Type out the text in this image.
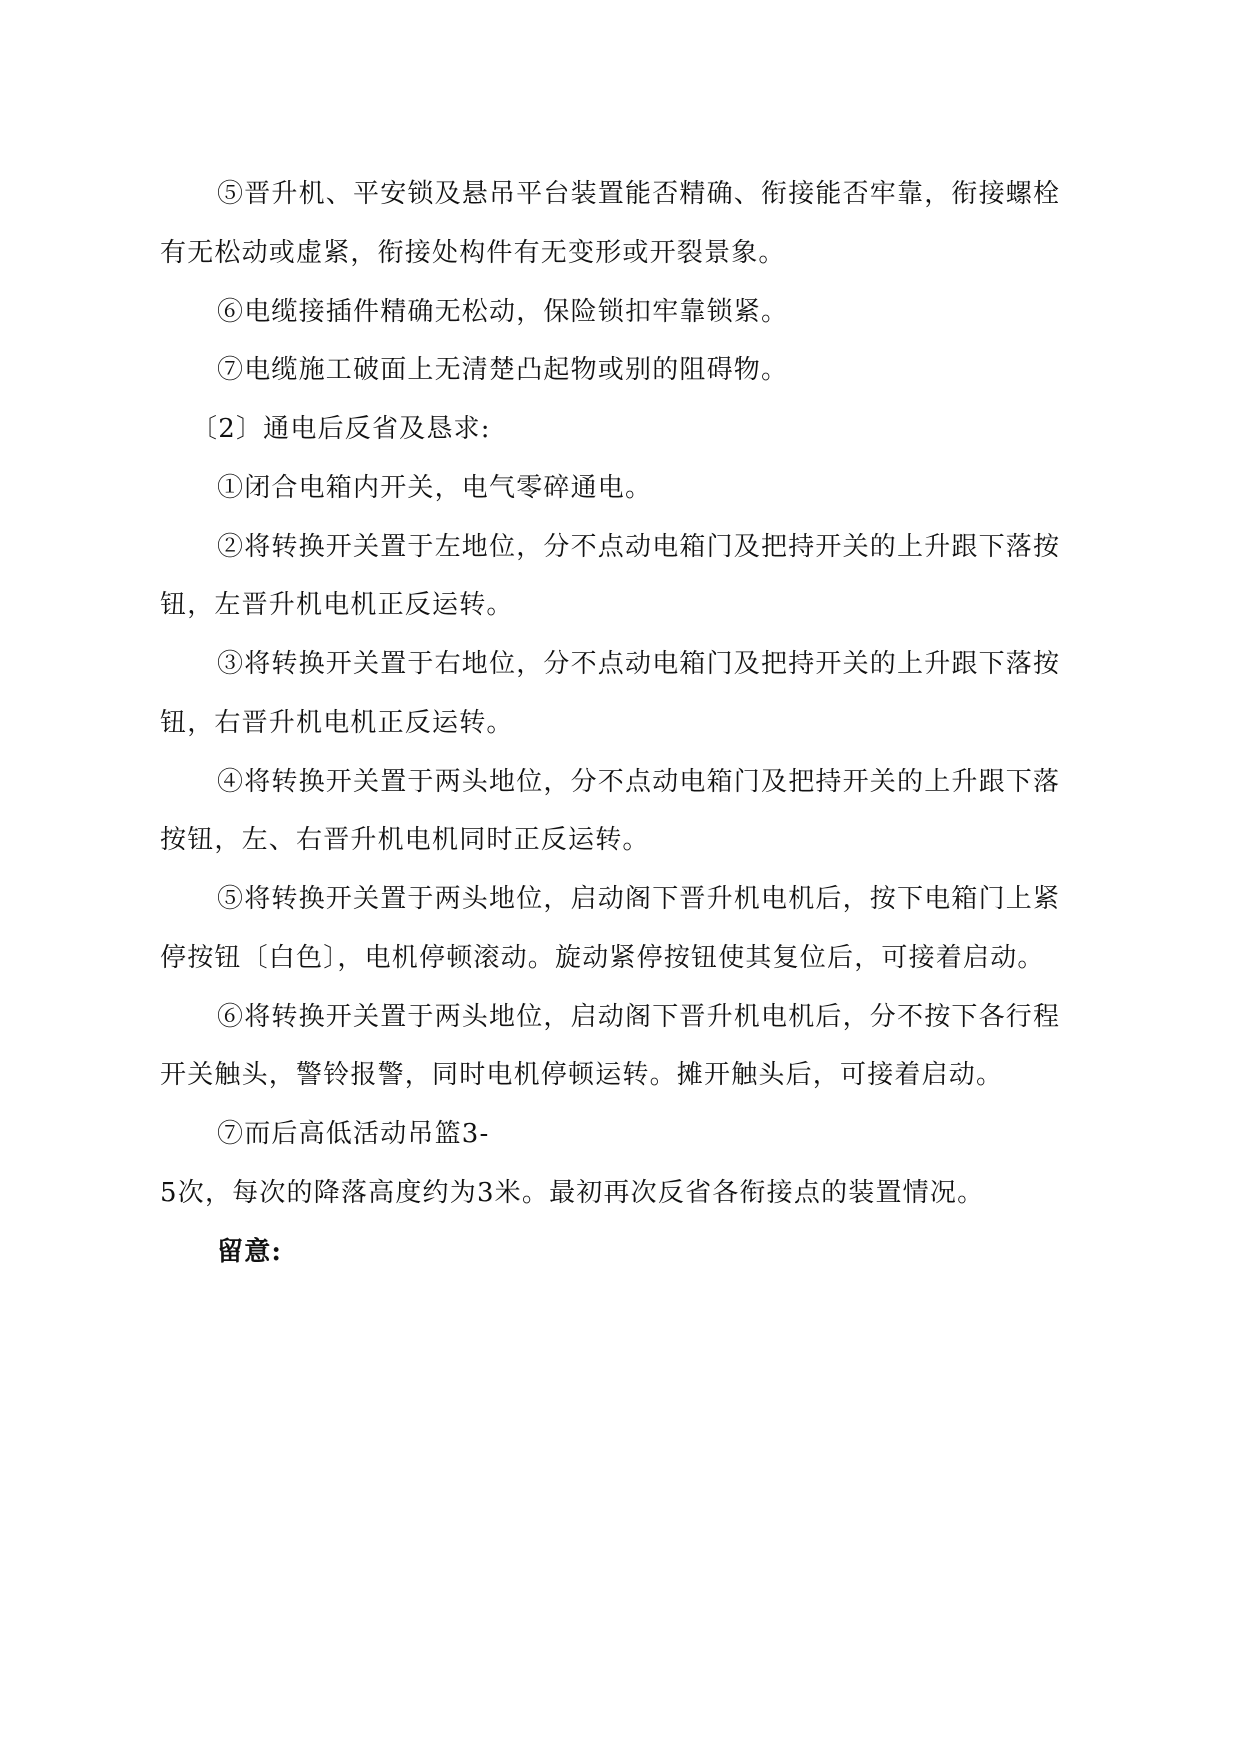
⑤晋升机、平安锁及悬吊平台装置能否精确、衔接能否牢靠，衔接螺栓
有无松动或虚紧，衔接处构件有无变形或开裂景象。
⑥电缆接插件精确无松动，保险锁扣牢靠锁紧。
⑦电缆施工破面上无清楚凸起物或别的阻碍物。
〔2〕通电后反省及恳求:
①闭合电箱内开关，电气零碎通电。
②将转换开关置于左地位，分不点动电箱门及把持开关的上升跟下落按
钮，左晋升机电机正反运转。
③将转换开关置于右地位，分不点动电箱门及把持开关的上升跟下落按
钮，右晋升机电机正反运转。
④将转换开关置于两头地位，分不点动电箱门及把持开关的上升跟下落
按钮，左、右晋升机电机同时正反运转。
⑤将转换开关置于两头地位，启动阁下晋升机电机后，按下电箱门上紧
停按钮〔白色〕，电机停顿滚动。旋动紧停按钮使其复位后，可接着启动。
⑥将转换开关置于两头地位，启动阁下晋升机电机后，分不按下各行程
开关触头，警铃报警，同时电机停顿运转。摊开触头后，可接着启动。
⑦而后高低活动吊篮3-
5次，每次的降落高度约为3米。最初再次反省各衔接点的装置情况。
留意:
